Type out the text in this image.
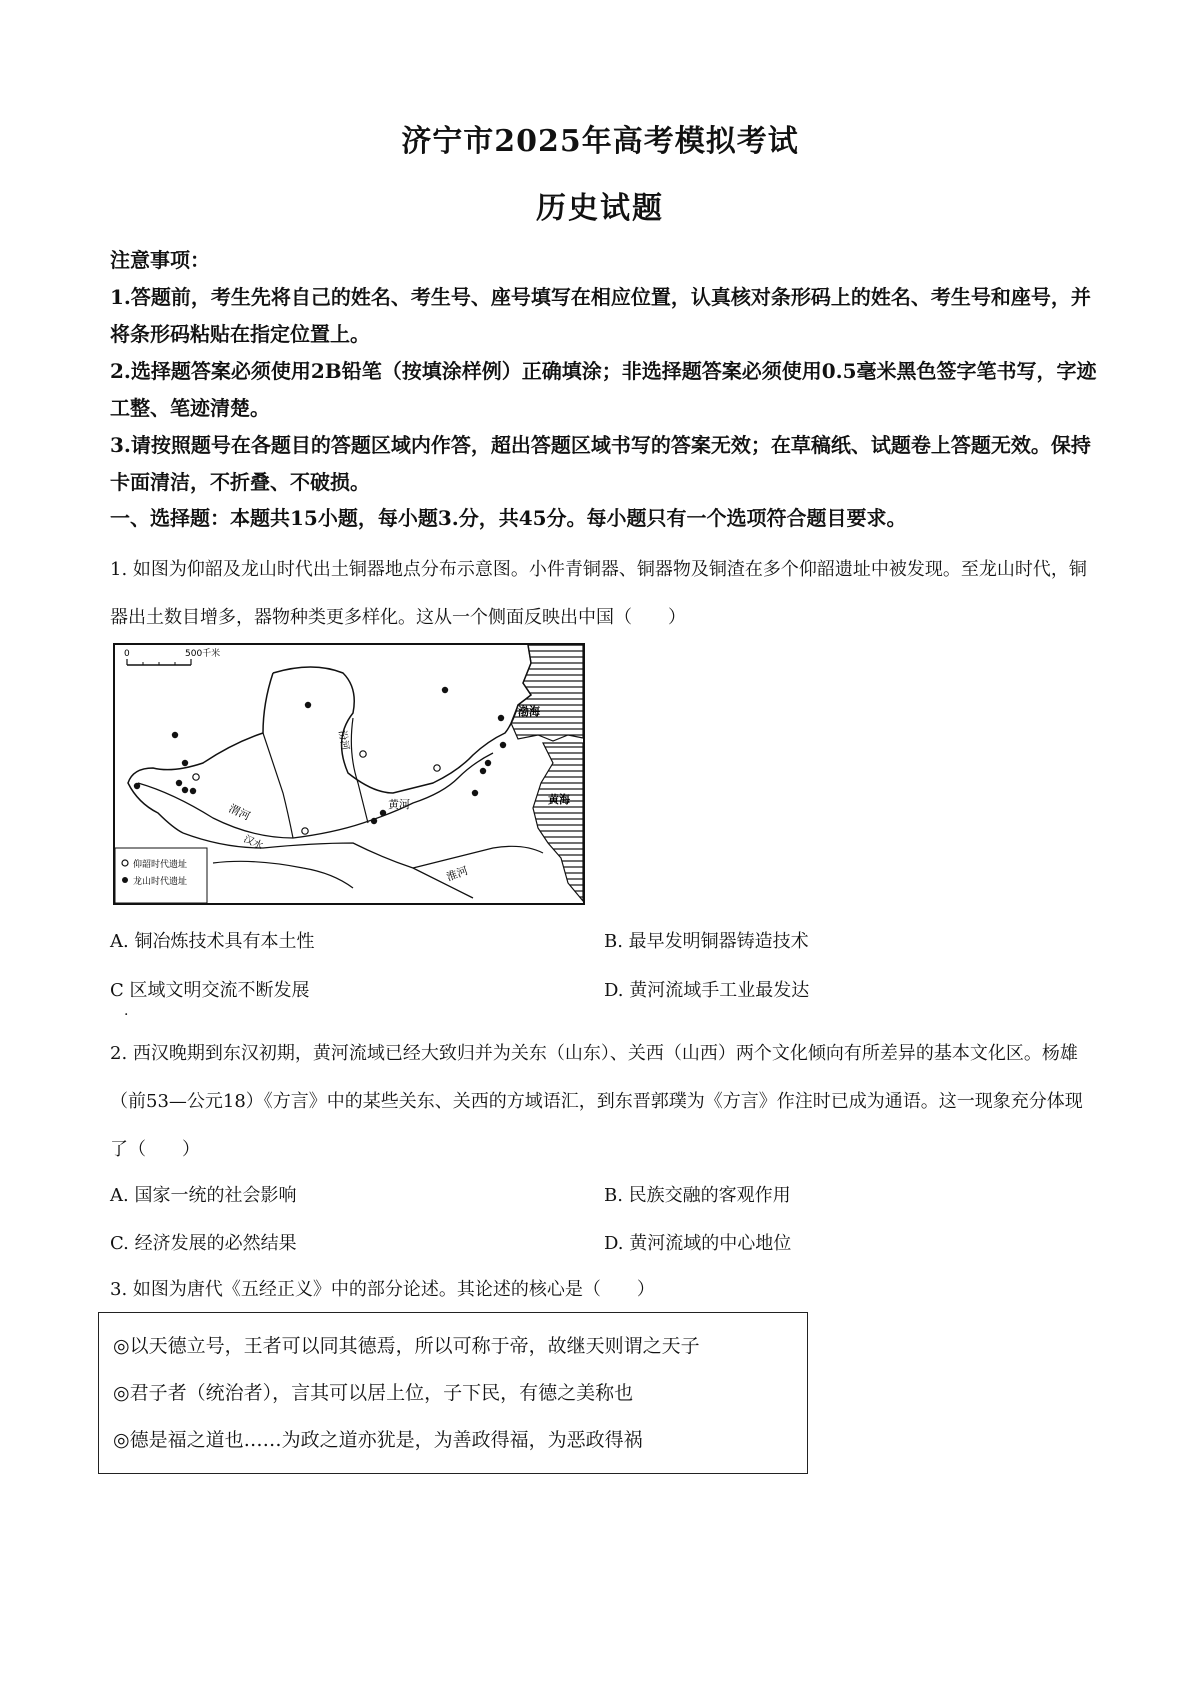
济宁市2025年高考模拟考试
历史试题

注意事项：

1.答题前，考生先将自己的姓名、考生号、座号填写在相应位置，认真核对条形码上的姓名、考生号和座号，并将条形码粘贴在指定位置上。

2.选择题答案必须使用2B铅笔（按填涂样例）正确填涂；非选择题答案必须使用0.5毫米黑色签字笔书写，字迹工整、笔迹清楚。

3.请按照题号在各题目的答题区域内作答，超出答题区域书写的答案无效；在草稿纸、试题卷上答题无效。保持卡面清洁，不折叠、不破损。

一、选择题：本题共15小题，每小题3.分，共45分。每小题只有一个选项符合题目要求。
1. 如图为仰韶及龙山时代出土铜器地点分布示意图。小件青铜器、铜器物及铜渣在多个仰韶遗址中被发现。至龙山时代，铜器出土数目增多，器物种类更多样化。这从一个侧面反映出中国（　　）
0	500千米
渤海
黄海
黄河
渭河
汾河
汉水
淮河
仰韶时代遗址
龙山时代遗址
A. 铜冶炼技术具有本土性	B. 最早发明铜器铸造技术
C 区域文明交流不断发展	D. 黄河流域手工业最发达
·
2. 西汉晚期到东汉初期，黄河流域已经大致归并为关东（山东）、关西（山西）两个文化倾向有所差异的基本文化区。杨雄（前53—公元18）《方言》中的某些关东、关西的方域语汇，到东晋郭璞为《方言》作注时已成为通语。这一现象充分体现了（　　）
A. 国家一统的社会影响	B. 民族交融的客观作用
C. 经济发展的必然结果	D. 黄河流域的中心地位
3. 如图为唐代《五经正义》中的部分论述。其论述的核心是（　　）
◎以天德立号，王者可以同其德焉，所以可称于帝，故继天则谓之天子
◎君子者（统治者），言其可以居上位，子下民，有德之美称也
◎德是福之道也……为政之道亦犹是，为善政得福，为恶政得祸
